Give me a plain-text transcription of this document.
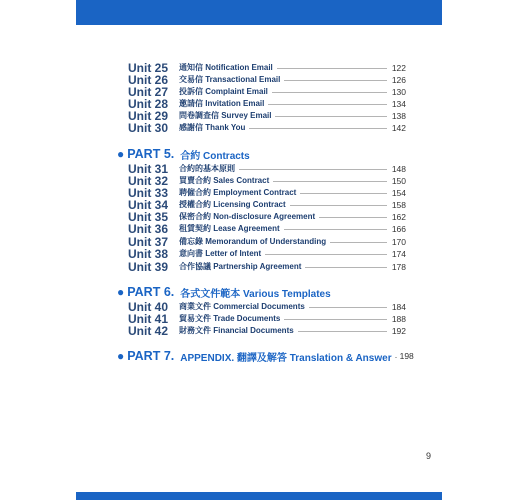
Unit 25	通知信 Notification Email	122
Unit 26	交易信 Transactional Email	126
Unit 27	投訴信 Complaint Email	130
Unit 28	邀請信 Invitation Email	134
Unit 29	問卷調查信 Survey Email	138
Unit 30	感謝信 Thank You	142
● PART 5. 合約 Contracts
Unit 31	合約的基本原則	148
Unit 32	買賣合約 Sales Contract	150
Unit 33	聘僱合約 Employment Contract	154
Unit 34	授權合約 Licensing Contract	158
Unit 35	保密合約 Non-disclosure Agreement	162
Unit 36	租賃契約 Lease Agreement	166
Unit 37	備忘錄 Memorandum of Understanding	170
Unit 38	意向書 Letter of Intent	174
Unit 39	合作協議 Partnership Agreement	178
● PART 6. 各式文件範本 Various Templates
Unit 40	商業文件 Commercial Documents	184
Unit 41	貿易文件 Trade Documents	188
Unit 42	財務文件 Financial Documents	192
● PART 7. APPENDIX. 翻譯及解答 Translation & Answer 198
9
